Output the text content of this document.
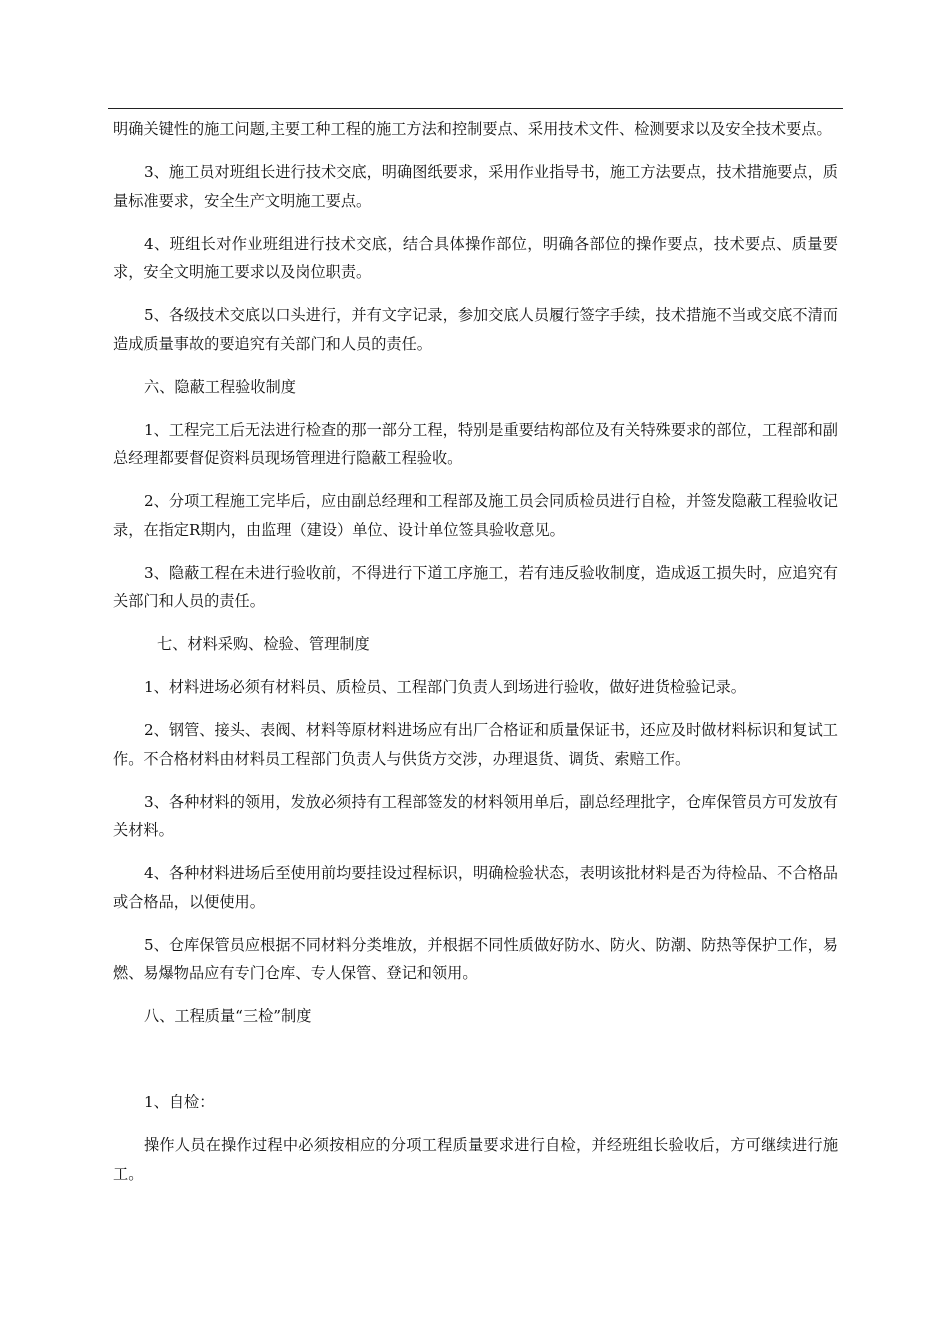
明确关键性的施工问题,主要工种工程的施工方法和控制要点、采用技术文件、检测要求以及安全技术要点。

3、施工员对班组长进行技术交底，明确图纸要求，采用作业指导书，施工方法要点，技术措施要点，质量标准要求，安全生产文明施工要点。

4、班组长对作业班组进行技术交底，结合具体操作部位，明确各部位的操作要点，技术要点、质量要求，安全文明施工要求以及岗位职责。

5、各级技术交底以口头进行，并有文字记录，参加交底人员履行签字手续，技术措施不当或交底不清而造成质量事故的要追究有关部门和人员的责任。

六、隐蔽工程验收制度

1、工程完工后无法进行检查的那一部分工程，特别是重要结构部位及有关特殊要求的部位，工程部和副总经理都要督促资料员现场管理进行隐蔽工程验收。

2、分项工程施工完毕后，应由副总经理和工程部及施工员会同质检员进行自检，并签发隐蔽工程验收记录，在指定R期内，由监理（建设）单位、设计单位签具验收意见。

3、隐蔽工程在未进行验收前，不得进行下道工序施工，若有违反验收制度，造成返工损失时，应追究有关部门和人员的责任。

七、材料采购、检验、管理制度

1、材料进场必须有材料员、质检员、工程部门负责人到场进行验收，做好进货检验记录。

2、钢管、接头、表阀、材料等原材料进场应有出厂合格证和质量保证书，还应及时做材料标识和复试工作。不合格材料由材料员工程部门负责人与供货方交涉，办理退货、调货、索赔工作。

3、各种材料的领用，发放必须持有工程部签发的材料领用单后，副总经理批字，仓库保管员方可发放有关材料。

4、各种材料进场后至使用前均要挂设过程标识，明确检验状态，表明该批材料是否为待检品、不合格品或合格品，以便使用。

5、仓库保管员应根据不同材料分类堆放，并根据不同性质做好防水、防火、防潮、防热等保护工作，易燃、易爆物品应有专门仓库、专人保管、登记和领用。

八、工程质量“三检”制度

1、自检：

操作人员在操作过程中必须按相应的分项工程质量要求进行自检，并经班组长验收后，方可继续进行施工。
